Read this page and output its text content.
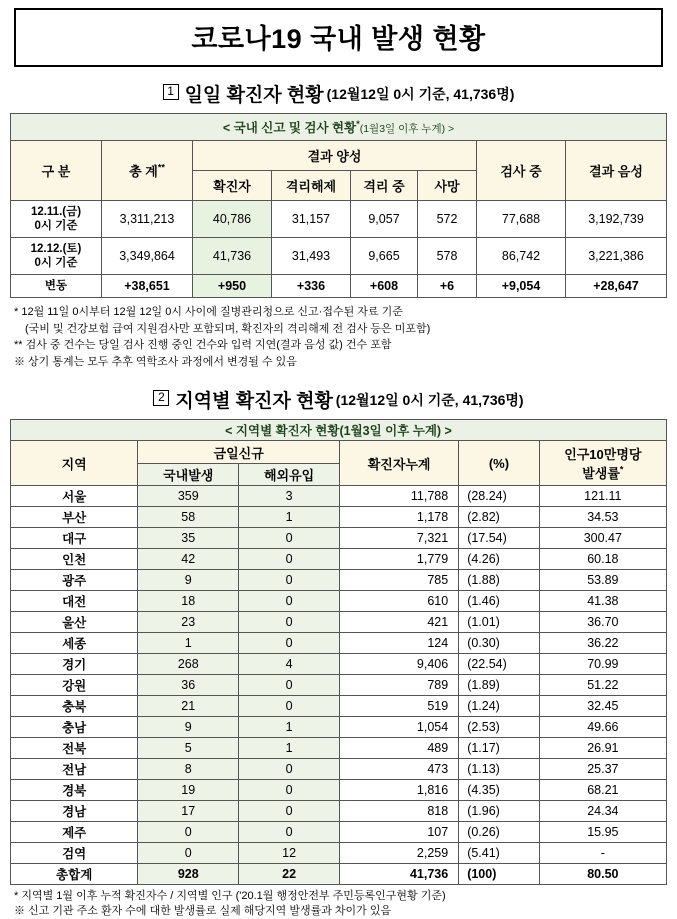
코로나19 국내 발생 현황
1 일일 확진자 현황 (12월12일 0시 기준, 41,736명)
< 국내 신고 및 검사 현황*(1월3일 이후 누계) >							
구 분	총 계**	결과 양성				검사 중	결과 음성
		확진자	격리해제	격리 중	사망		
12.11.(금)
0시 기준	3,311,213	40,786	31,157	9,057	572	77,688	3,192,739
12.12.(토)
0시 기준	3,349,864	41,736	31,493	9,665	578	86,742	3,221,386
변동	+38,651	+950	+336	+608	+6	+9,054	+28,647
* 12월 11일 0시부터 12월 12일 0시 사이에 질병관리청으로 신고·접수된 자료 기준
(국비 및 건강보험 급여 지원검사만 포함되며, 확진자의 격리해제 전 검사 등은 미포함)
** 검사 중 건수는 당일 검사 진행 중인 건수와 입력 지연(결과 음성 값) 건수 포함
※ 상기 통계는 모두 추후 역학조사 과정에서 변경될 수 있음
2 지역별 확진자 현황 (12월12일 0시 기준, 41,736명)
< 지역별 확진자 현황(1월3일 이후 누계) >					
지역	금일신규		확진자누계	(%)	인구10만명당
발생률*
	국내발생	해외유입			
서울	359	3	11,788	(28.24)	121.11
부산	58	1	1,178	(2.82)	34.53
대구	35	0	7,321	(17.54)	300.47
인천	42	0	1,779	(4.26)	60.18
광주	9	0	785	(1.88)	53.89
대전	18	0	610	(1.46)	41.38
울산	23	0	421	(1.01)	36.70
세종	1	0	124	(0.30)	36.22
경기	268	4	9,406	(22.54)	70.99
강원	36	0	789	(1.89)	51.22
충북	21	0	519	(1.24)	32.45
충남	9	1	1,054	(2.53)	49.66
전북	5	1	489	(1.17)	26.91
전남	8	0	473	(1.13)	25.37
경북	19	0	1,816	(4.35)	68.21
경남	17	0	818	(1.96)	24.34
제주	0	0	107	(0.26)	15.95
검역	0	12	2,259	(5.41)	-
총합계	928	22	41,736	(100)	80.50
* 지역별 1월 이후 누적 확진자수 / 지역별 인구 ('20.1월 행정안전부 주민등록인구현황 기준)
※ 신고 기관 주소 환자 수에 대한 발생률로 실제 해당지역 발생률과 차이가 있음
